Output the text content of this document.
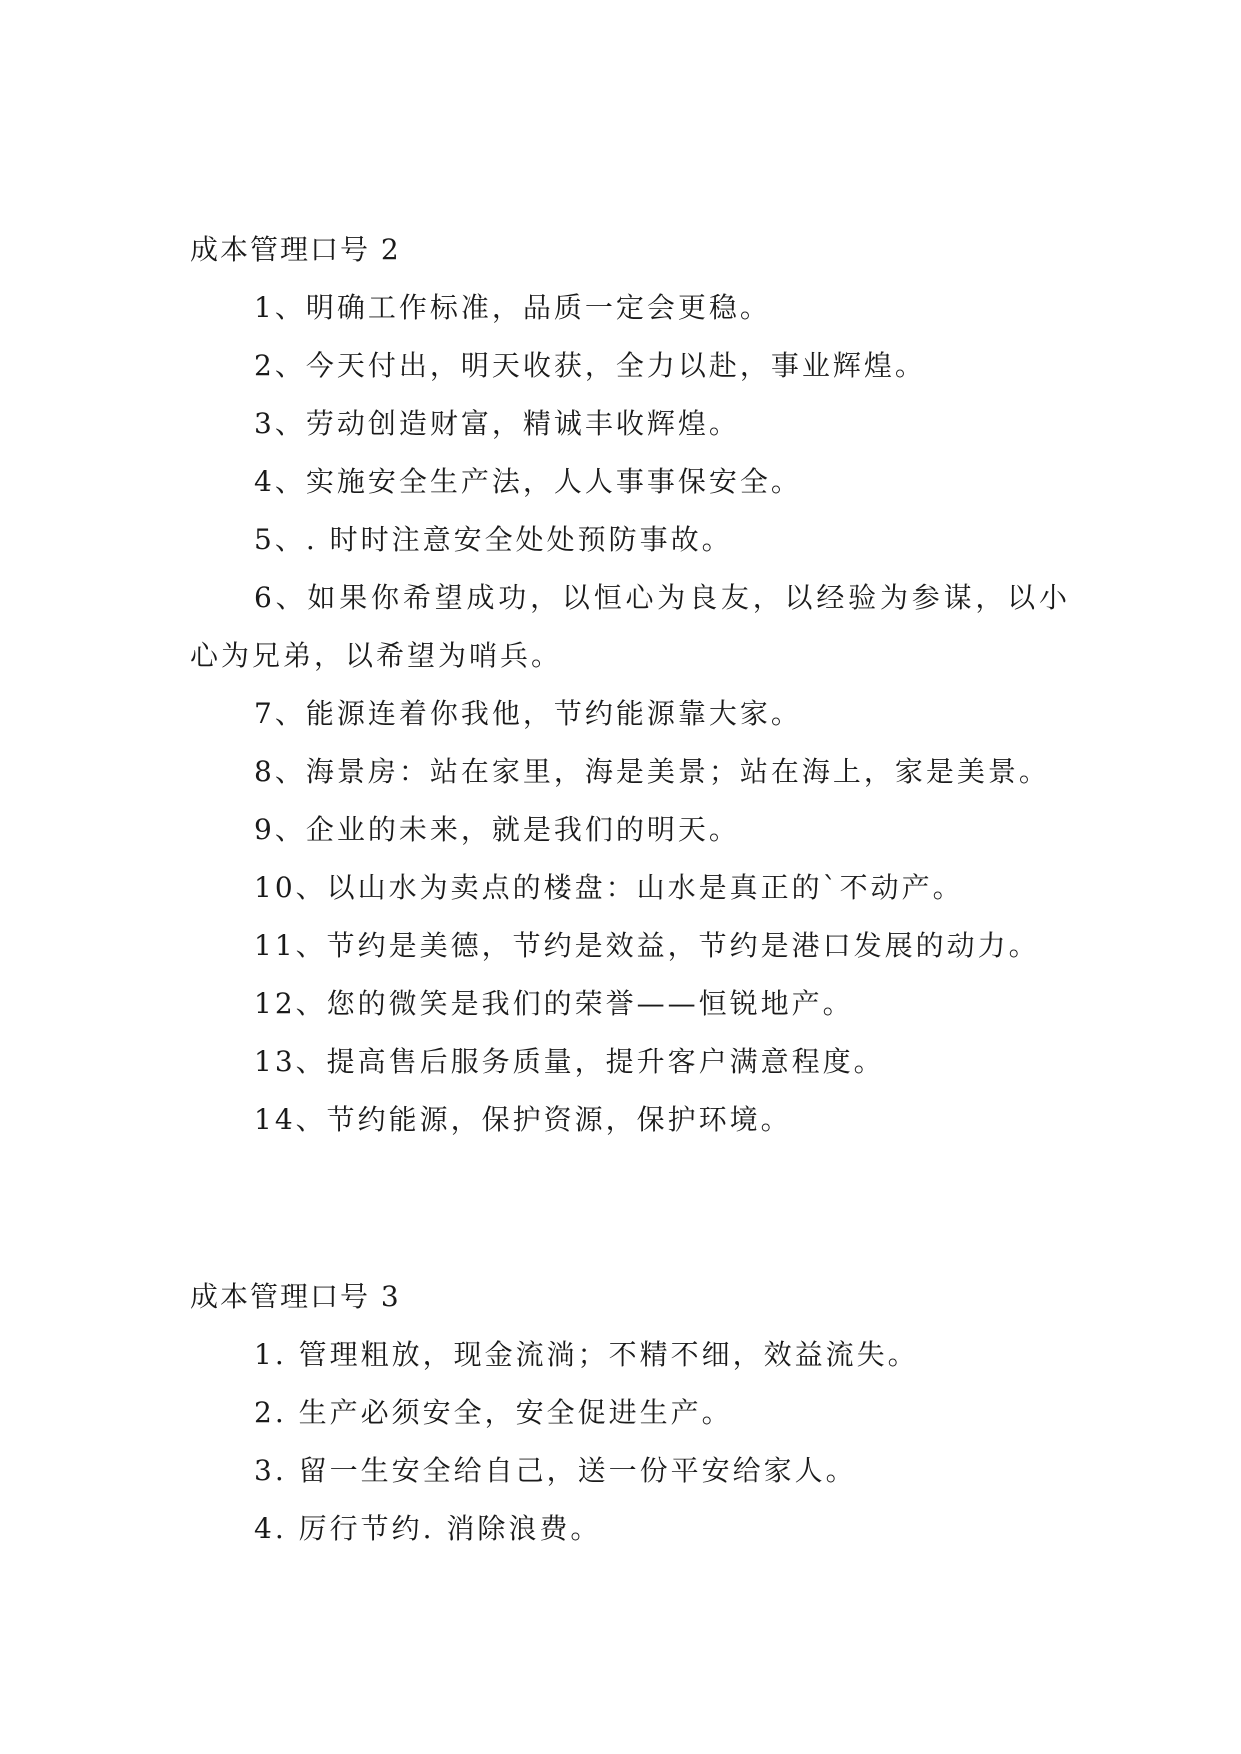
成本管理口号 2

1、明确工作标准，品质一定会更稳。

2、今天付出，明天收获，全力以赴，事业辉煌。

3、劳动创造财富，精诚丰收辉煌。

4、实施安全生产法，人人事事保安全。

5、. 时时注意安全处处预防事故。

6、如果你希望成功，以恒心为良友，以经验为参谋，以小心为兄弟，以希望为哨兵。

7、能源连着你我他，节约能源靠大家。

8、海景房：站在家里，海是美景；站在海上，家是美景。

9、企业的未来，就是我们的明天。

10、以山水为卖点的楼盘：山水是真正的`不动产。

11、节约是美德，节约是效益，节约是港口发展的动力。

12、您的微笑是我们的荣誉——恒锐地产。

13、提高售后服务质量，提升客户满意程度。

14、节约能源，保护资源，保护环境。

成本管理口号 3

1. 管理粗放，现金流淌；不精不细，效益流失。

2. 生产必须安全，安全促进生产。

3. 留一生安全给自己，送一份平安给家人。

4. 厉行节约. 消除浪费。
